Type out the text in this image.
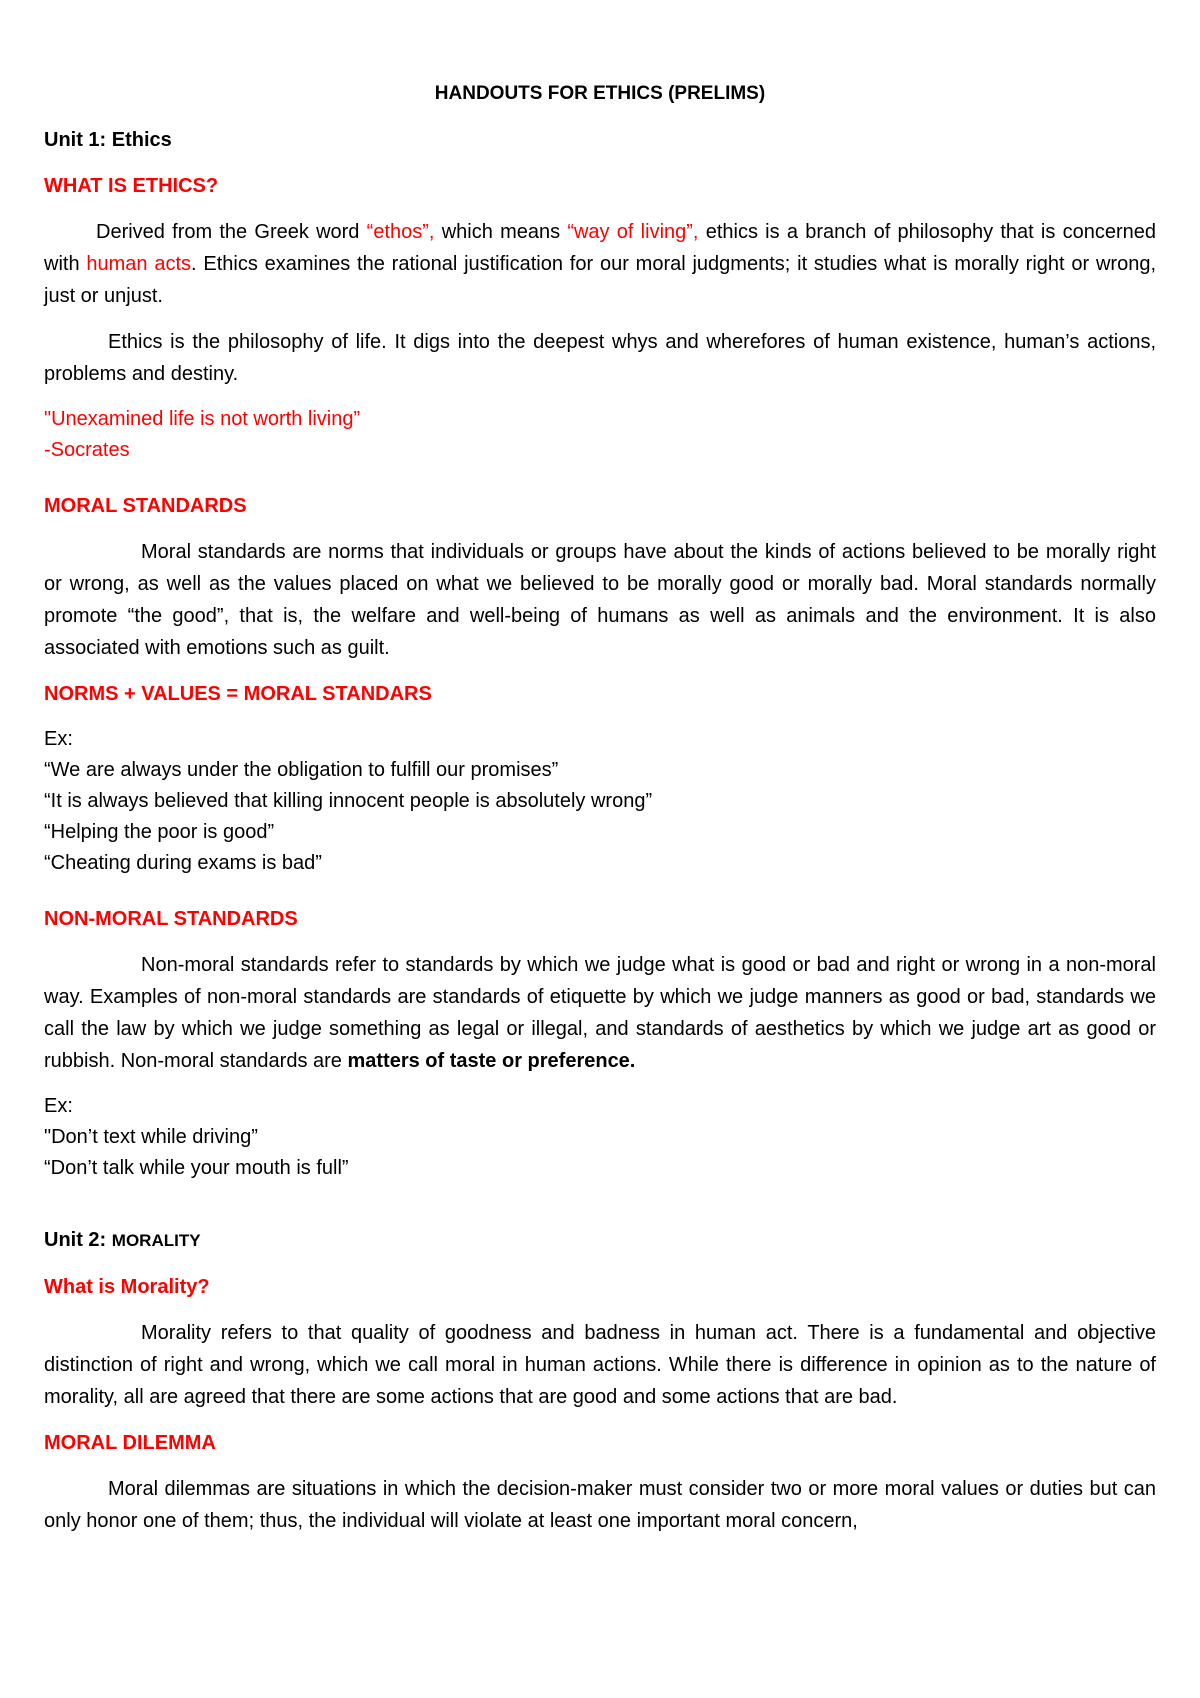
HANDOUTS FOR ETHICS (PRELIMS)
Unit 1: Ethics
WHAT IS ETHICS?
Derived from the Greek word “ethos”, which means “way of living”, ethics is a branch of philosophy that is concerned with human acts. Ethics examines the rational justification for our moral judgments; it studies what is morally right or wrong, just or unjust.
Ethics is the philosophy of life. It digs into the deepest whys and wherefores of human existence, human’s actions, problems and destiny.
"Unexamined life is not worth living”
-Socrates
MORAL STANDARDS
Moral standards are norms that individuals or groups have about the kinds of actions believed to be morally right or wrong, as well as the values placed on what we believed to be morally good or morally bad. Moral standards normally promote “the good”, that is, the welfare and well-being of humans as well as animals and the environment. It is also associated with emotions such as guilt.
NORMS + VALUES = MORAL STANDARS
Ex:
“We are always under the obligation to fulfill our promises”
“It is always believed that killing innocent people is absolutely wrong”
“Helping the poor is good”
“Cheating during exams is bad”
NON-MORAL STANDARDS
Non-moral standards refer to standards by which we judge what is good or bad and right or wrong in a non-moral way. Examples of non-moral standards are standards of etiquette by which we judge manners as good or bad, standards we call the law by which we judge something as legal or illegal, and standards of aesthetics by which we judge art as good or rubbish. Non-moral standards are matters of taste or preference.
Ex:
"Don’t text while driving”
“Don’t talk while your mouth is full”
Unit 2: MORALITY
What is Morality?
Morality refers to that quality of goodness and badness in human act. There is a fundamental and objective distinction of right and wrong, which we call moral in human actions. While there is difference in opinion as to the nature of morality, all are agreed that there are some actions that are good and some actions that are bad.
MORAL DILEMMA
Moral dilemmas are situations in which the decision-maker must consider two or more moral values or duties but can only honor one of them; thus, the individual will violate at least one important moral concern,
